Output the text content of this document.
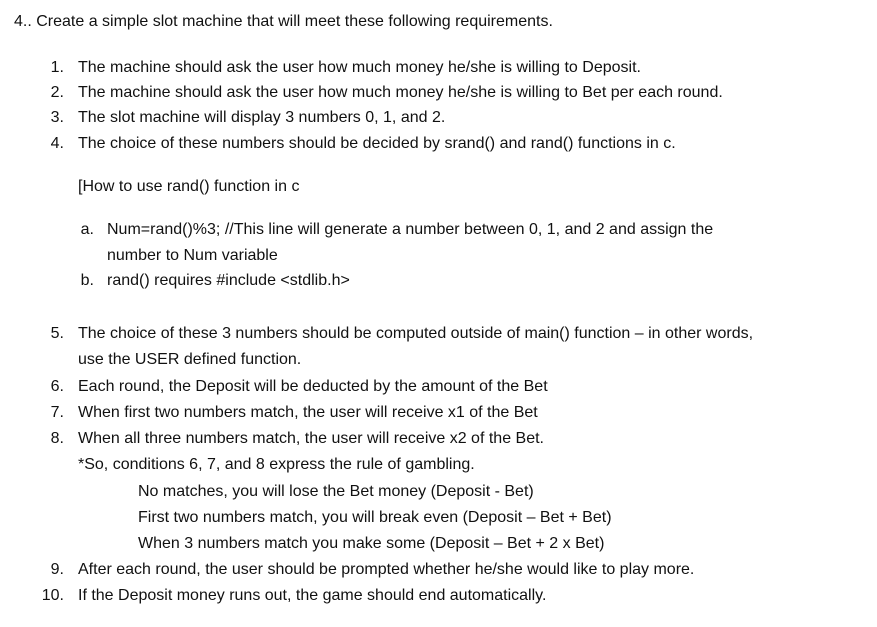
4.. Create a simple slot machine that will meet these following requirements.
1. The machine should ask the user how much money he/she is willing to Deposit.
2. The machine should ask the user how much money he/she is willing to Bet per each round.
3. The slot machine will display 3 numbers 0, 1, and 2.
4. The choice of these numbers should be decided by srand() and rand() functions in c.
[How to use rand() function in c
a. Num=rand()%3; //This line will generate a number between 0, 1, and 2 and assign the
number to Num variable
b. rand() requires #include <stdlib.h>
5. The choice of these 3 numbers should be computed outside of main() function – in other words,
use the USER defined function.
6. Each round, the Deposit will be deducted by the amount of the Bet
7. When first two numbers match, the user will receive x1 of the Bet
8. When all three numbers match, the user will receive x2 of the Bet.
*So, conditions 6, 7, and 8 express the rule of gambling.
No matches, you will lose the Bet money (Deposit - Bet)
First two numbers match, you will break even (Deposit – Bet + Bet)
When 3 numbers match you make some (Deposit – Bet + 2 x Bet)
9. After each round, the user should be prompted whether he/she would like to play more.
10. If the Deposit money runs out, the game should end automatically.
